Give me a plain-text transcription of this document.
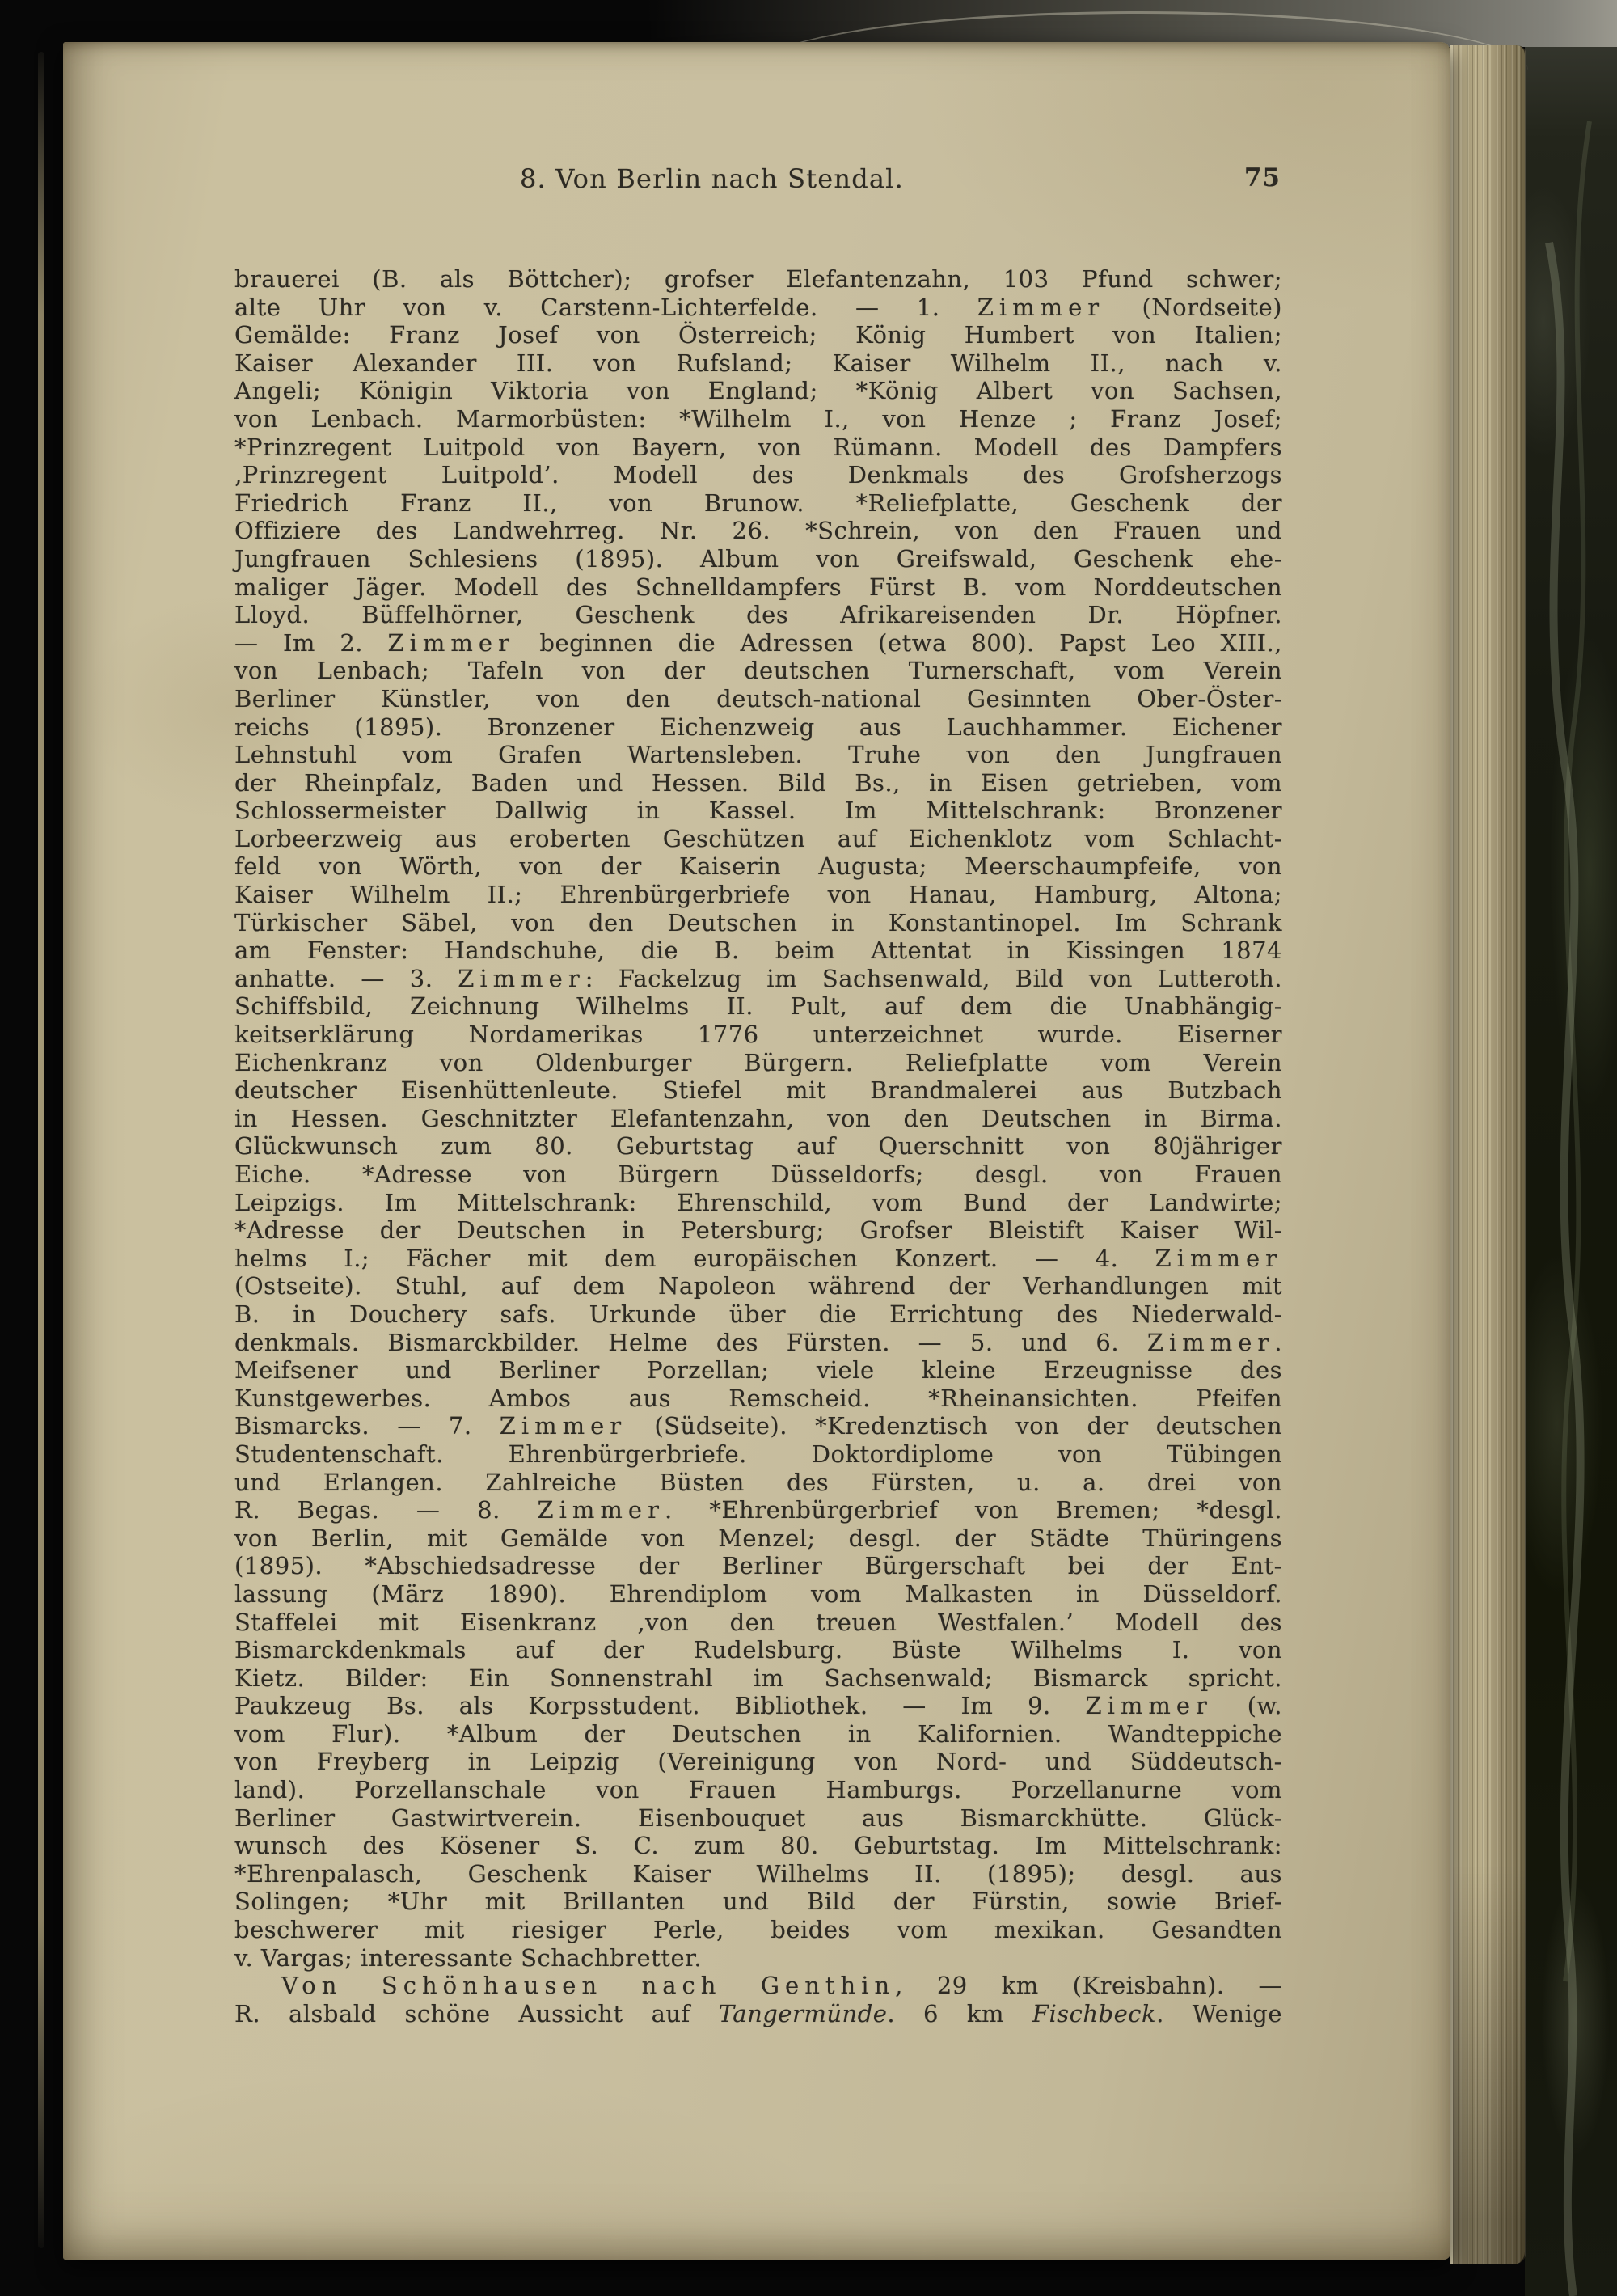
8. Von Berlin nach Stendal.	75
brauerei (B. als Böttcher); grofser Elefantenzahn, 103 Pfund schwer;
alte Uhr von v. Carstenn-Lichterfelde. — 1. Zimmer (Nordseite)
Gemälde: Franz Josef von Österreich; König Humbert von Italien;
Kaiser Alexander III. von Rufsland; Kaiser Wilhelm II., nach v.
Angeli; Königin Viktoria von England; *König Albert von Sachsen,
von Lenbach. Marmorbüsten: *Wilhelm I., von Henze ; Franz Josef;
*Prinzregent Luitpold von Bayern, von Rümann. Modell des Dampfers
‚Prinzregent Luitpold’. Modell des Denkmals des Grofsherzogs
Friedrich Franz II., von Brunow. *Reliefplatte, Geschenk der
Offiziere des Landwehrreg. Nr. 26. *Schrein, von den Frauen und
Jungfrauen Schlesiens (1895). Album von Greifswald, Geschenk ehe-
maliger Jäger. Modell des Schnelldampfers Fürst B. vom Norddeutschen
Lloyd. Büffelhörner, Geschenk des Afrikareisenden Dr. Höpfner.
— Im 2. Zimmer beginnen die Adressen (etwa 800). Papst Leo XIII.,
von Lenbach; Tafeln von der deutschen Turnerschaft, vom Verein
Berliner Künstler, von den deutsch-national Gesinnten Ober-Öster-
reichs (1895). Bronzener Eichenzweig aus Lauchhammer. Eichener
Lehnstuhl vom Grafen Wartensleben. Truhe von den Jungfrauen
der Rheinpfalz, Baden und Hessen. Bild Bs., in Eisen getrieben, vom
Schlossermeister Dallwig in Kassel. Im Mittelschrank: Bronzener
Lorbeerzweig aus eroberten Geschützen auf Eichenklotz vom Schlacht-
feld von Wörth, von der Kaiserin Augusta; Meerschaumpfeife, von
Kaiser Wilhelm II.; Ehrenbürgerbriefe von Hanau, Hamburg, Altona;
Türkischer Säbel, von den Deutschen in Konstantinopel. Im Schrank
am Fenster: Handschuhe, die B. beim Attentat in Kissingen 1874
anhatte. — 3. Zimmer: Fackelzug im Sachsenwald, Bild von Lutteroth.
Schiffsbild, Zeichnung Wilhelms II. Pult, auf dem die Unabhängig-
keitserklärung Nordamerikas 1776 unterzeichnet wurde. Eiserner
Eichenkranz von Oldenburger Bürgern. Reliefplatte vom Verein
deutscher Eisenhüttenleute. Stiefel mit Brandmalerei aus Butzbach
in Hessen. Geschnitzter Elefantenzahn, von den Deutschen in Birma.
Glückwunsch zum 80. Geburtstag auf Querschnitt von 80jähriger
Eiche. *Adresse von Bürgern Düsseldorfs; desgl. von Frauen
Leipzigs. Im Mittelschrank: Ehrenschild, vom Bund der Landwirte;
*Adresse der Deutschen in Petersburg; Grofser Bleistift Kaiser Wil-
helms I.; Fächer mit dem europäischen Konzert. — 4. Zimmer
(Ostseite). Stuhl, auf dem Napoleon während der Verhandlungen mit
B. in Douchery safs. Urkunde über die Errichtung des Niederwald-
denkmals. Bismarckbilder. Helme des Fürsten. — 5. und 6. Zimmer.
Meifsener und Berliner Porzellan; viele kleine Erzeugnisse des
Kunstgewerbes. Ambos aus Remscheid. *Rheinansichten. Pfeifen
Bismarcks. — 7. Zimmer (Südseite). *Kredenztisch von der deutschen
Studentenschaft. Ehrenbürgerbriefe. Doktordiplome von Tübingen
und Erlangen. Zahlreiche Büsten des Fürsten, u. a. drei von
R. Begas. — 8. Zimmer. *Ehrenbürgerbrief von Bremen; *desgl.
von Berlin, mit Gemälde von Menzel; desgl. der Städte Thüringens
(1895). *Abschiedsadresse der Berliner Bürgerschaft bei der Ent-
lassung (März 1890). Ehrendiplom vom Malkasten in Düsseldorf.
Staffelei mit Eisenkranz ‚von den treuen Westfalen.’ Modell des
Bismarckdenkmals auf der Rudelsburg. Büste Wilhelms I. von
Kietz. Bilder: Ein Sonnenstrahl im Sachsenwald; Bismarck spricht.
Paukzeug Bs. als Korpsstudent. Bibliothek. — Im 9. Zimmer (w.
vom Flur). *Album der Deutschen in Kalifornien. Wandteppiche
von Freyberg in Leipzig (Vereinigung von Nord- und Süddeutsch-
land). Porzellanschale von Frauen Hamburgs. Porzellanurne vom
Berliner Gastwirtverein. Eisenbouquet aus Bismarckhütte. Glück-
wunsch des Kösener S. C. zum 80. Geburtstag. Im Mittelschrank:
*Ehrenpalasch, Geschenk Kaiser Wilhelms II. (1895); desgl. aus
Solingen; *Uhr mit Brillanten und Bild der Fürstin, sowie Brief-
beschwerer mit riesiger Perle, beides vom mexikan. Gesandten
v. Vargas; interessante Schachbretter.
Von Schönhausen nach Genthin, 29 km (Kreisbahn). —
R. alsbald schöne Aussicht auf Tangermünde. 6 km Fischbeck. Wenige
